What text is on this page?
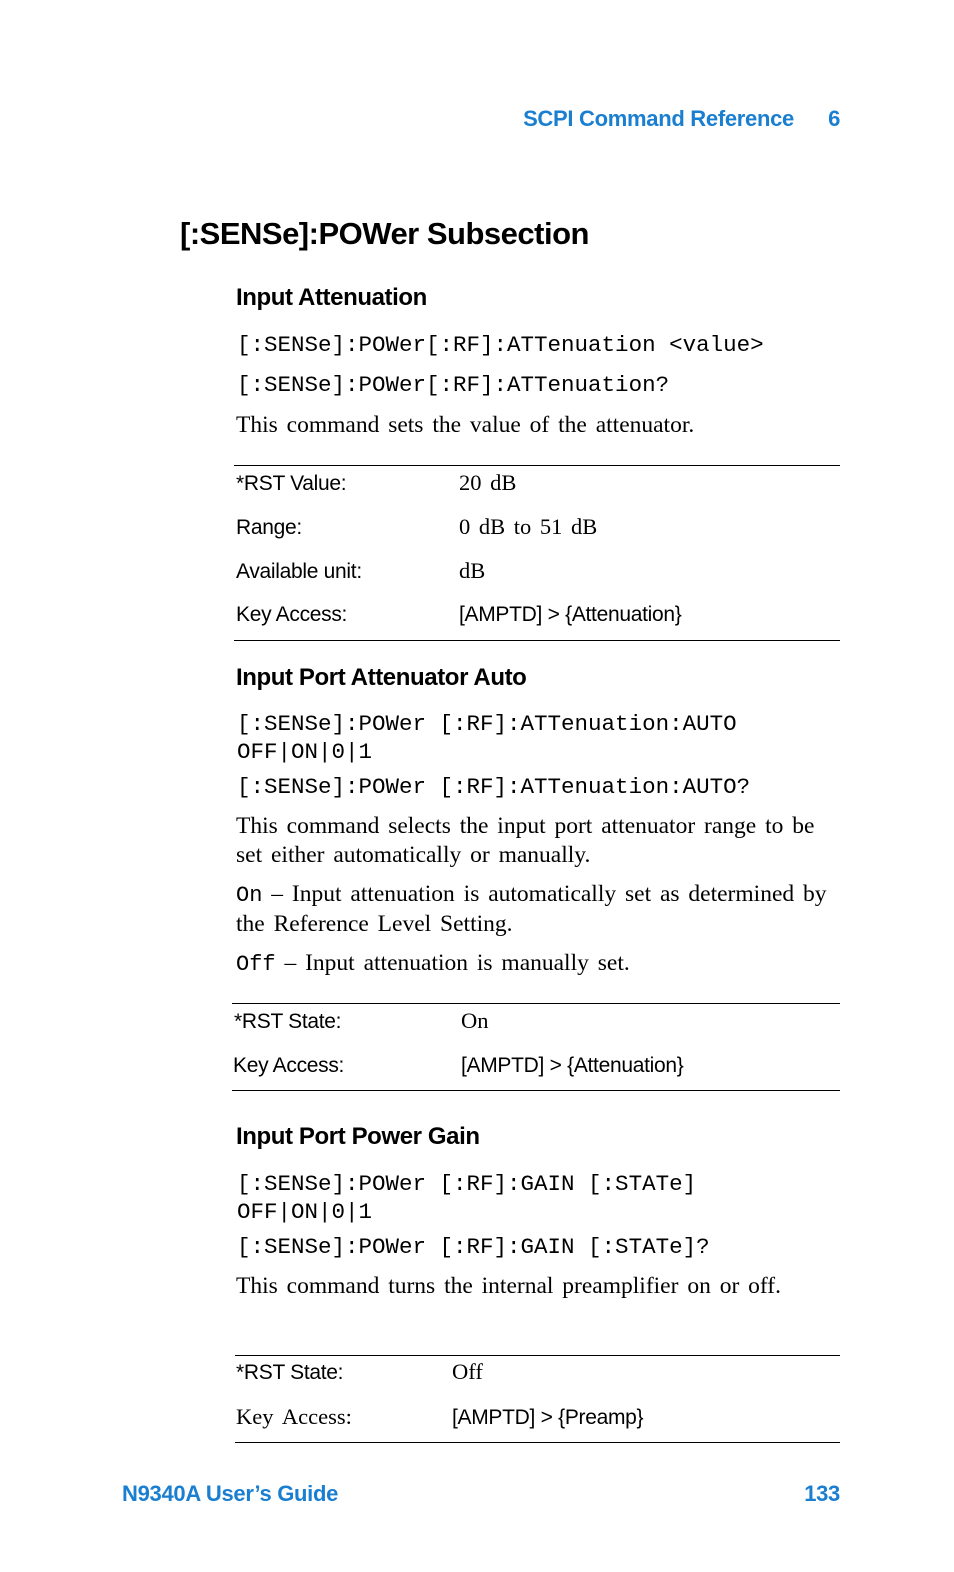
SCPI Command Reference 6
[:SENSe]:POWer Subsection
Input Attenuation
[:SENSe]:POWer[:RF]:ATTenuation <value>
[:SENSe]:POWer[:RF]:ATTenuation?
This command sets the value of the attenuator.
*RST Value:	20 dB
Range:	0 dB to 51 dB
Available unit:	dB
Key Access:	[AMPTD] > {Attenuation}
Input Port Attenuator Auto
[:SENSe]:POWer [:RF]:ATTenuation:AUTO
OFF|ON|0|1
[:SENSe]:POWer [:RF]:ATTenuation:AUTO?
This command selects the input port attenuator range to be set either automatically or manually.
On – Input attenuation is automatically set as determined by the Reference Level Setting.
Off – Input attenuation is manually set.
*RST State:	On
Key Access:	[AMPTD] > {Attenuation}
Input Port Power Gain
[:SENSe]:POWer [:RF]:GAIN [:STATe]
OFF|ON|0|1
[:SENSe]:POWer [:RF]:GAIN [:STATe]?
This command turns the internal preamplifier on or off.
*RST State:	Off
Key Access:	[AMPTD] > {Preamp}
N9340A User’s Guide	133
